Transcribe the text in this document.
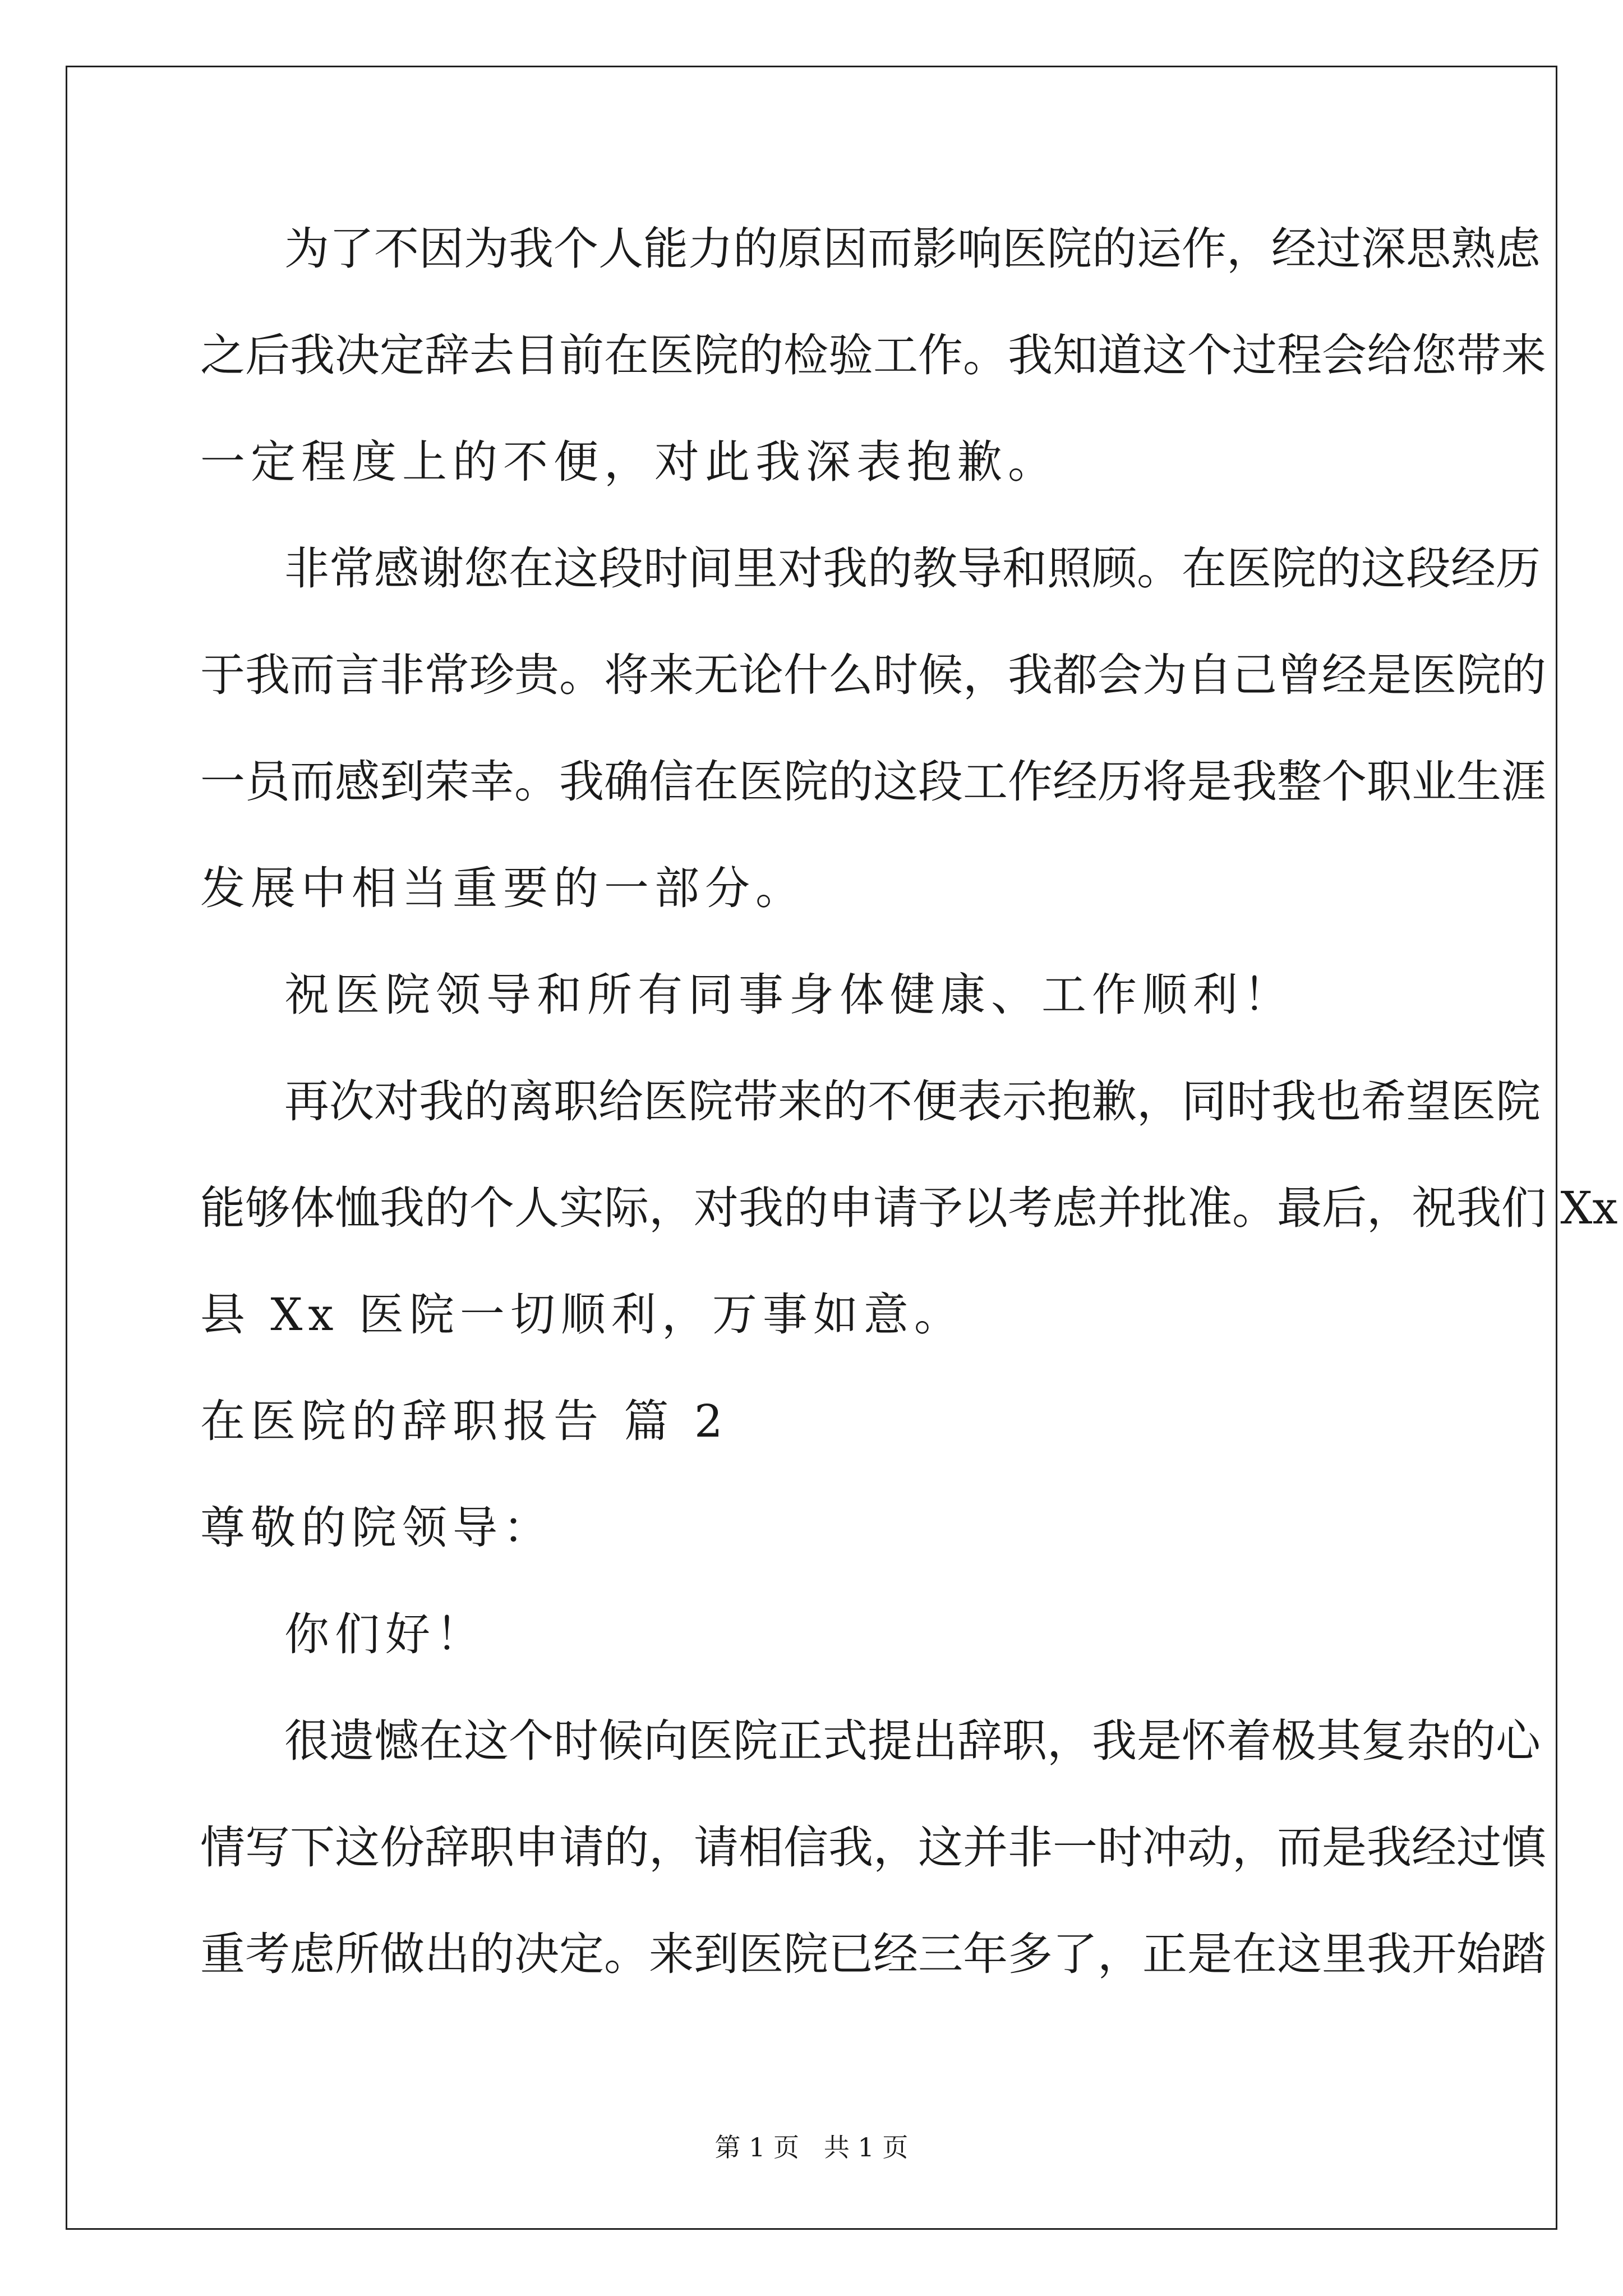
为了不因为我个人能力的原因而影响医院的运作，经过深思熟虑

之后我决定辞去目前在医院的检验工作。我知道这个过程会给您带来

一定程度上的不便，对此我深表抱歉。

非常感谢您在这段时间里对我的教导和照顾。在医院的这段经历

于我而言非常珍贵。将来无论什么时候，我都会为自己曾经是医院的

一员而感到荣幸。我确信在医院的这段工作经历将是我整个职业生涯

发展中相当重要的一部分。

祝医院领导和所有同事身体健康、工作顺利！

再次对我的离职给医院带来的不便表示抱歉，同时我也希望医院

能够体恤我的个人实际，对我的申请予以考虑并批准。最后，祝我们 Xx

县 Xx 医院一切顺利，万事如意。

在医院的辞职报告 篇 2

尊敬的院领导：

你们好！

很遗憾在这个时候向医院正式提出辞职，我是怀着极其复杂的心

情写下这份辞职申请的，请相信我，这并非一时冲动，而是我经过慎

重考虑所做出的决定。来到医院已经三年多了，正是在这里我开始踏

第 1 页   共 1 页
